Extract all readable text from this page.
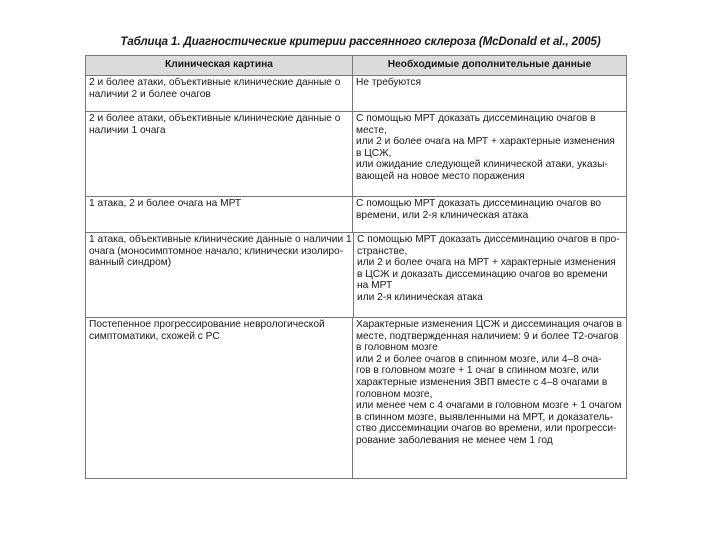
Таблица 1. Диагностические критерии рассеянного склероза (McDonald et al., 2005)
Клиническая картина	Необходимые дополнительные данные
2 и более атаки, объективные клинические данные о
наличии 2 и более очагов
Не требуются
2 и более атаки, объективные клинические данные о
наличии 1 очага
С помощью МРТ доказать диссеминацию очагов в
месте,
или 2 и более очага на МРТ + характерные изменения
в ЦСЖ,
или ожидание следующей клинической атаки, указы-
вающей на новое место поражения
1 атака, 2 и более очага на МРТ	С помощью МРТ доказать диссеминацию очагов во
времени, или 2-я клиническая атака
1 атака, объективные клинические данные о наличии 1
очага (моносимптомное начало; клинически изолиро-
ванный синдром)
С помощью МРТ доказать диссеминацию очагов в про-
странстве,
или 2 и более очага на МРТ + характерные изменения
в ЦСЖ и доказать диссеминацию очагов во времени
на МРТ
или 2-я клиническая атака
Постепенное прогрессирование неврологической
симптоматики, схожей с РС
Характерные изменения ЦСЖ и диссеминация очагов в
месте, подтвержденная наличием: 9 и более Т2-очагов
в головном мозге
или 2 и более очагов в спинном мозге, или 4–8 оча-
гов в головном мозге + 1 очаг в спинном мозге, или
характерные изменения ЗВП вместе с 4–8 очагами в
головном мозге,
или менее чем с 4 очагами в головном мозге + 1 очагом
в спинном мозге, выявленными на МРТ, и доказатель-
ство диссеминации очагов во времени, или прогресси-
рование заболевания не менее чем 1 год
